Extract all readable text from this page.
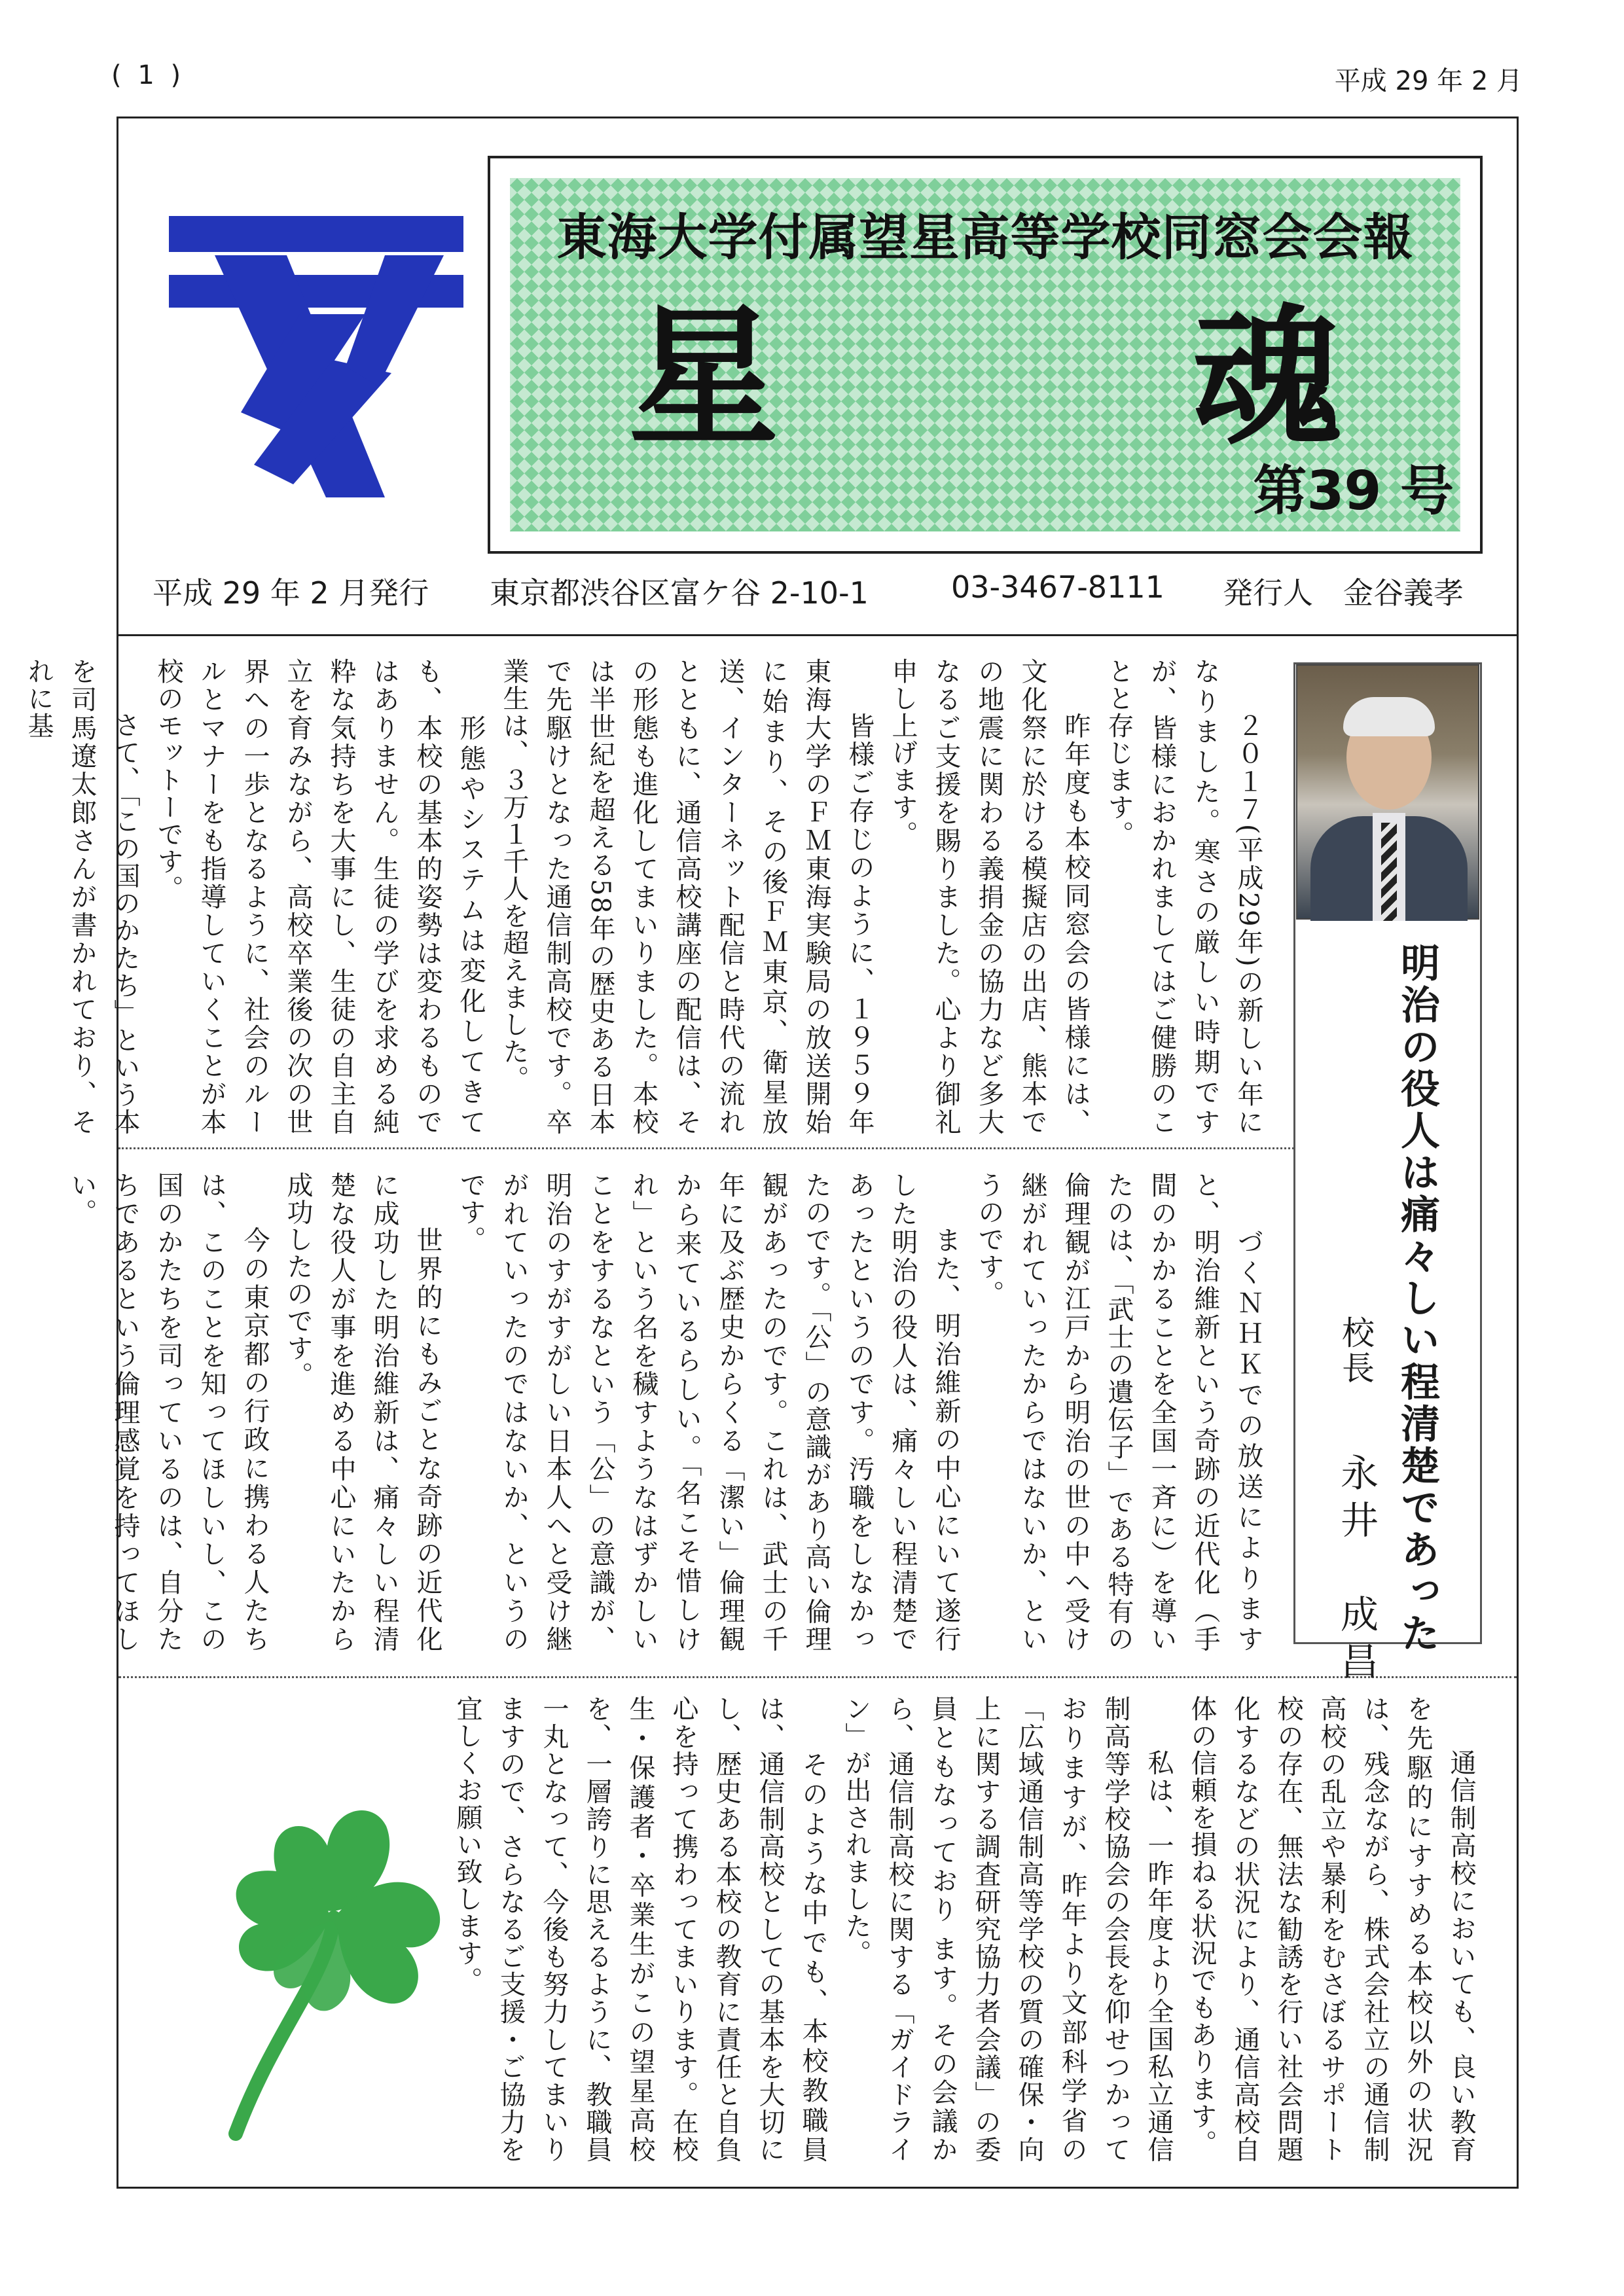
( 1 )	平成 29 年 2 月
東海大学付属望星高等学校同窓会会報
星　魂
第39 号
平成 29 年 2 月発行 東京都渋谷区富ケ谷 2-10-1	03-3467-8111 発行人　金谷義孝
明治の役人は痛々しい程清楚であった
校長
永井　成昌

　２０１７(平成29年)の新しい年になりました。寒さの厳しい時期ですが、皆様におかれましてはご健勝のことと存じます。
　昨年度も本校同窓会の皆様には、文化祭に於ける模擬店の出店、熊本での地震に関わる義捐金の協力など多大なるご支援を賜りました。心より御礼申し上げます。
　皆様ご存じのように、１９５９年東海大学のＦＭ東海実験局の放送開始に始まり、その後ＦＭ東京、衛星放送、インターネット配信と時代の流れとともに、通信高校講座の配信は、その形態も進化してまいりました。本校は半世紀を超える58年の歴史ある日本で先駆けとなった通信制高校です。卒業生は、３万１千人を超えました。
　形態やシステムは変化してきても、本校の基本的姿勢は変わるものではありません。生徒の学びを求める純粋な気持ちを大事にし、生徒の自主自立を育みながら、高校卒業後の次の世界への一歩となるように、社会のルールとマナーをも指導していくことが本校のモットーです。
　さて、「この国のかたち」という本を司馬遼太郎さんが書かれており、それに基

　づくＮＨＫでの放送によりますと、明治維新という奇跡の近代化（手間のかかることを全国一斉に）を導いたのは、「武士の遺伝子」である特有の倫理観が江戸から明治の世の中へ受け継がれていったからではないか、というのです。
　また、明治維新の中心にいて遂行した明治の役人は、痛々しい程清楚であったというのです。汚職をしなかったのです。「公」の意識があり高い倫理観があったのです。これは、武士の千年に及ぶ歴史からくる「潔い」倫理観から来ているらしい。「名こそ惜しけれ」という名を穢すようなはずかしいことをするなという「公」の意識が、明治のすがすがしい日本人へと受け継がれていったのではないか、というのです。
　世界的にもみごとな奇跡の近代化に成功した明治維新は、痛々しい程清楚な役人が事を進める中心にいたから成功したのです。
　今の東京都の行政に携わる人たちは、このことを知ってほしいし、この国のかたちを司っているのは、自分たちであるという倫理感覚を持ってほしい。

　通信制高校においても、良い教育を先駆的にすすめる本校以外の状況は、残念ながら、株式会社立の通信制高校の乱立や暴利をむさぼるサポート校の存在、無法な勧誘を行い社会問題化するなどの状況により、通信高校自体の信頼を損ねる状況でもあります。
　私は、一昨年度より全国私立通信制高等学校協会の会長を仰せつかっておりますが、昨年より文部科学省の「広域通信制高等学校の質の確保・向上に関する調査研究協力者会議」の委員ともなっており ます。その会議から、通信制高校に関する「ガイドライン」が出されました。
　そのような中でも、本校教職員は、通信制高校としての基本を大切にし、歴史ある本校の教育に責任と自負心を持って携わってまいります。在校生・保護者・卒業生がこの望星高校を、一層誇りに思えるように、教職員一丸となって、今後も努力してまいりますので、さらなるご支援・ご協力を宜しくお願い致します。
